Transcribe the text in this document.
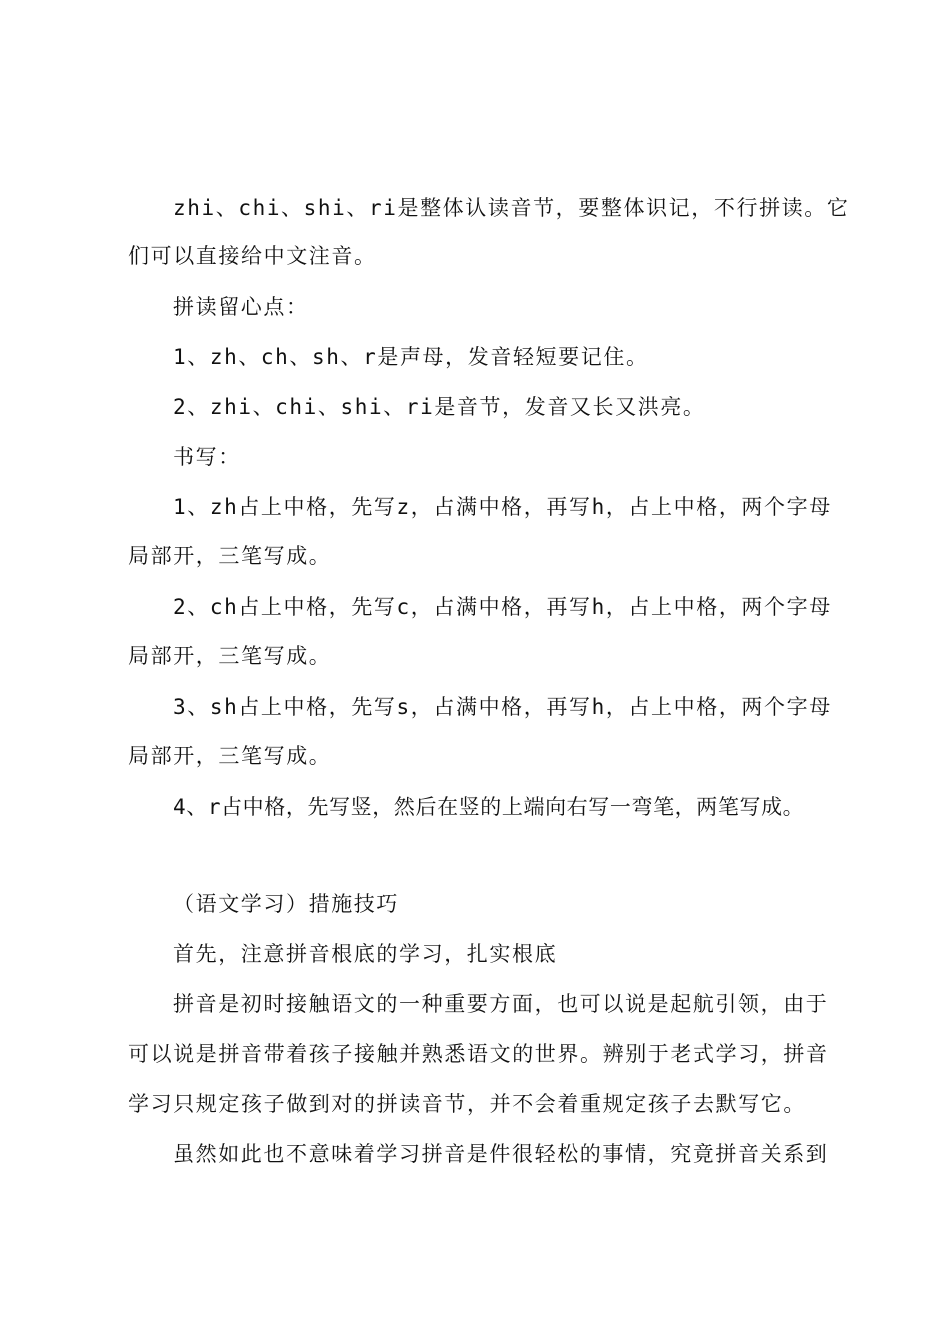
zhi、chi、shi、ri是整体认读音节，要整体识记，不行拼读。它
们可以直接给中文注音。
拼读留心点：
1、zh、ch、sh、r是声母，发音轻短要记住。
2、zhi、chi、shi、ri是音节，发音又长又洪亮。
书写：
1、zh占上中格，先写z，占满中格，再写h，占上中格，两个字母
局部开，三笔写成。
2、ch占上中格，先写c，占满中格，再写h，占上中格，两个字母
局部开，三笔写成。
3、sh占上中格，先写s，占满中格，再写h，占上中格，两个字母
局部开，三笔写成。
4、r占中格，先写竖，然后在竖的上端向右写一弯笔，两笔写成。
（语文学习）措施技巧
首先，注意拼音根底的学习，扎实根底
拼音是初时接触语文的一种重要方面，也可以说是起航引领，由于
可以说是拼音带着孩子接触并熟悉语文的世界。辨别于老式学习，拼音
学习只规定孩子做到对的拼读音节，并不会着重规定孩子去默写它。
虽然如此也不意味着学习拼音是件很轻松的事情，究竟拼音关系到
